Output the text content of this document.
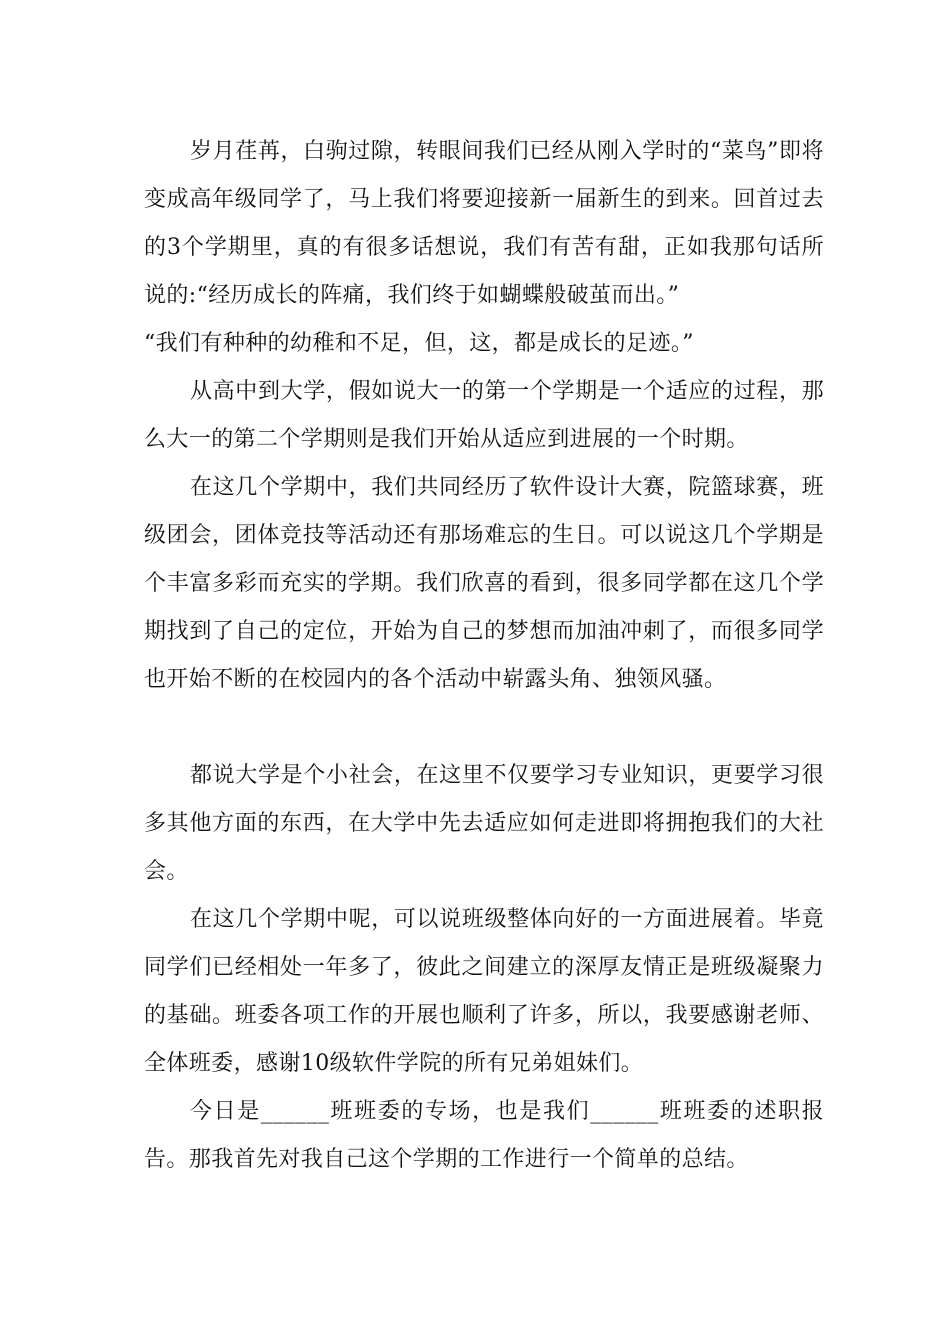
岁月荏苒，白驹过隙，转眼间我们已经从刚入学时的“菜鸟”即将变成高年级同学了，马上我们将要迎接新一届新生的到来。回首过去的3个学期里，真的有很多话想说，我们有苦有甜，正如我那句话所说的:“经历成长的阵痛，我们终于如蝴蝶般破茧而出。”

“我们有种种的幼稚和不足，但，这，都是成长的足迹。”

从高中到大学，假如说大一的第一个学期是一个适应的过程，那么大一的第二个学期则是我们开始从适应到进展的一个时期。

在这几个学期中，我们共同经历了软件设计大赛，院篮球赛，班级团会，团体竞技等活动还有那场难忘的生日。可以说这几个学期是个丰富多彩而充实的学期。我们欣喜的看到，很多同学都在这几个学期找到了自己的定位，开始为自己的梦想而加油冲刺了，而很多同学也开始不断的在校园内的各个活动中崭露头角、独领风骚。

都说大学是个小社会，在这里不仅要学习专业知识，更要学习很多其他方面的东西，在大学中先去适应如何走进即将拥抱我们的大社会。

在这几个学期中呢，可以说班级整体向好的一方面进展着。毕竟同学们已经相处一年多了，彼此之间建立的深厚友情正是班级凝聚力的基础。班委各项工作的开展也顺利了许多，所以，我要感谢老师、全体班委，感谢10级软件学院的所有兄弟姐妹们。

今日是______班班委的专场，也是我们______班班委的述职报告。那我首先对我自己这个学期的工作进行一个简单的总结。
